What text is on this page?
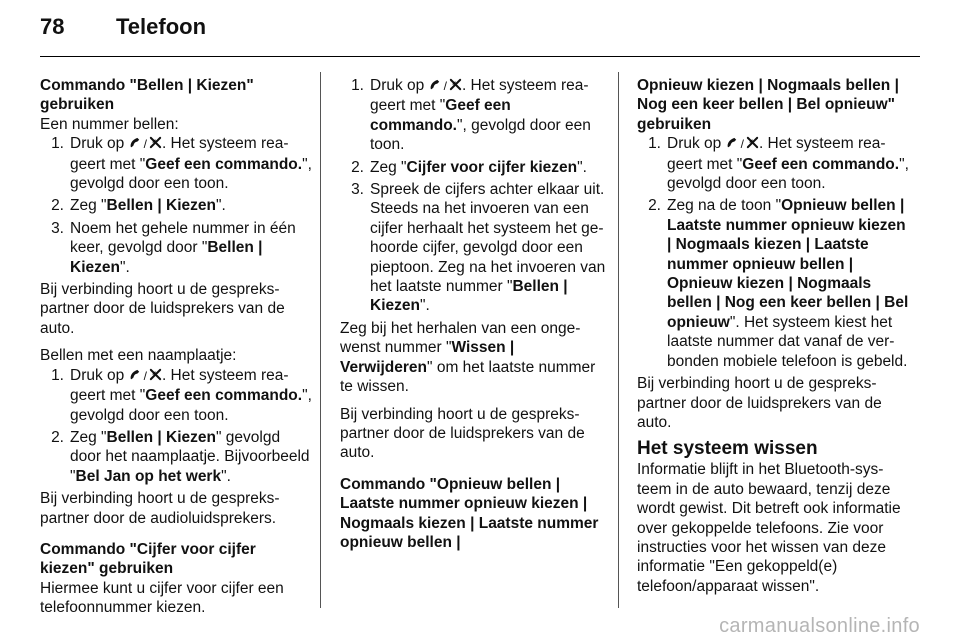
78	Telefoon

Commando "Bellen | Kiezen" gebruiken

Een nummer bellen:

1. Druk op / . Het systeem reageert met "Geef een commando.", gevolgd door een toon.
2. Zeg "Bellen | Kiezen".
3. Noem het gehele nummer in één keer, gevolgd door "Bellen | Kiezen".

Bij verbinding hoort u de gesprekspartner door de luidsprekers van de auto.

Bellen met een naamplaatje:

1. Druk op / . Het systeem reageert met "Geef een commando.", gevolgd door een toon.
2. Zeg "Bellen | Kiezen" gevolgd door het naamplaatje. Bijvoorbeeld "Bel Jan op het werk".

Bij verbinding hoort u de gesprekspartner door de audioluidsprekers.

Commando "Cijfer voor cijfer kiezen" gebruiken

Hiermee kunt u cijfer voor cijfer een telefoonnummer kiezen.

1. Druk op / . Het systeem reageert met "Geef een commando.", gevolgd door een toon.
2. Zeg "Cijfer voor cijfer kiezen".
3. Spreek de cijfers achter elkaar uit. Steeds na het invoeren van een cijfer herhaalt het systeem het gehoorde cijfer, gevolgd door een pieptoon. Zeg na het invoeren van het laatste nummer "Bellen | Kiezen".

Zeg bij het herhalen van een ongewenst nummer "Wissen | Verwijderen" om het laatste nummer te wissen.

Bij verbinding hoort u de gesprekspartner door de luidsprekers van de auto.

Commando "Opnieuw bellen | Laatste nummer opnieuw kiezen | Nogmaals kiezen | Laatste nummer opnieuw bellen |

Opnieuw kiezen | Nogmaals bellen | Nog een keer bellen | Bel opnieuw" gebruiken

1. Druk op / . Het systeem reageert met "Geef een commando.", gevolgd door een toon.
2. Zeg na de toon "Opnieuw bellen | Laatste nummer opnieuw kiezen | Nogmaals kiezen | Laatste nummer opnieuw bellen | Opnieuw kiezen | Nogmaals bellen | Nog een keer bellen | Bel opnieuw". Het systeem kiest het laatste nummer dat vanaf de verbonden mobiele telefoon is gebeld.

Bij verbinding hoort u de gesprekspartner door de luidsprekers van de auto.

Het systeem wissen

Informatie blijft in het Bluetooth-systeem in de auto bewaard, tenzij deze wordt gewist. Dit betreft ook informatie over gekoppelde telefoons. Zie voor instructies voor het wissen van deze informatie "Een gekoppeld(e) telefoon/apparaat wissen".

carmanualsonline.info
